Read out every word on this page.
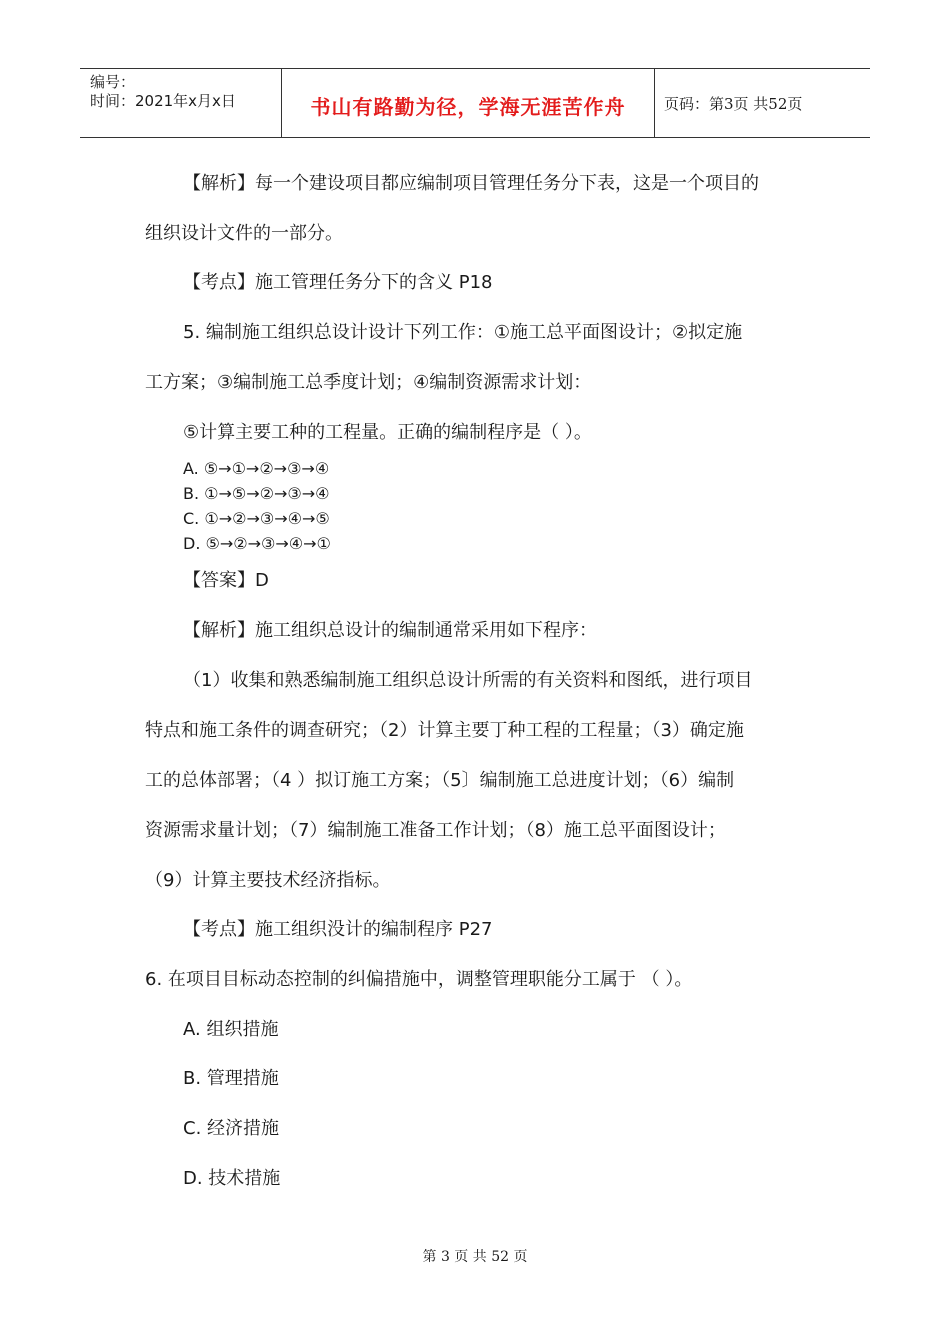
编号：
时间：2021年x月x日	书山有路勤为径，学海无涯苦作舟	页码：第3页 共52页
【解析】每一个建设项目都应编制项目管理任务分下表，这是一个项目的
组织设计文件的一部分。
【考点】施工管理任务分下的含义 P18
5. 编制施工组织总设计设计下列工作：①施工总平面图设计；②拟定施
工方案；③编制施工总季度计划；④编制资源需求计划：
⑤计算主要工种的工程量。正确的编制程序是（ ）。
A. ⑤→①→②→③→④
B. ①→⑤→②→③→④
C. ①→②→③→④→⑤
D. ⑤→②→③→④→①
【答案】D
【解析】施工组织总设计的编制通常采用如下程序：
（1）收集和熟悉编制施工组织总设计所需的有关资料和图纸，进行项目
特点和施工条件的调查研究；（2）计算主要丁种工程的工程量；（3）确定施
工的总体部署；（4 ）拟订施工方案；（5〕编制施工总进度计划；（6）编制
资源需求量计划；（7）编制施工准备工作计划；（8）施工总平面图设计；
（9）计算主要技术经济指标。
【考点】施工组织没计的编制程序 P27
6. 在项目目标动态控制的纠偏措施中，调整管理职能分工属于 （ ）。
A. 组织措施
B. 管理措施
C. 经济措施
D. 技术措施
第 3 页 共 52 页
